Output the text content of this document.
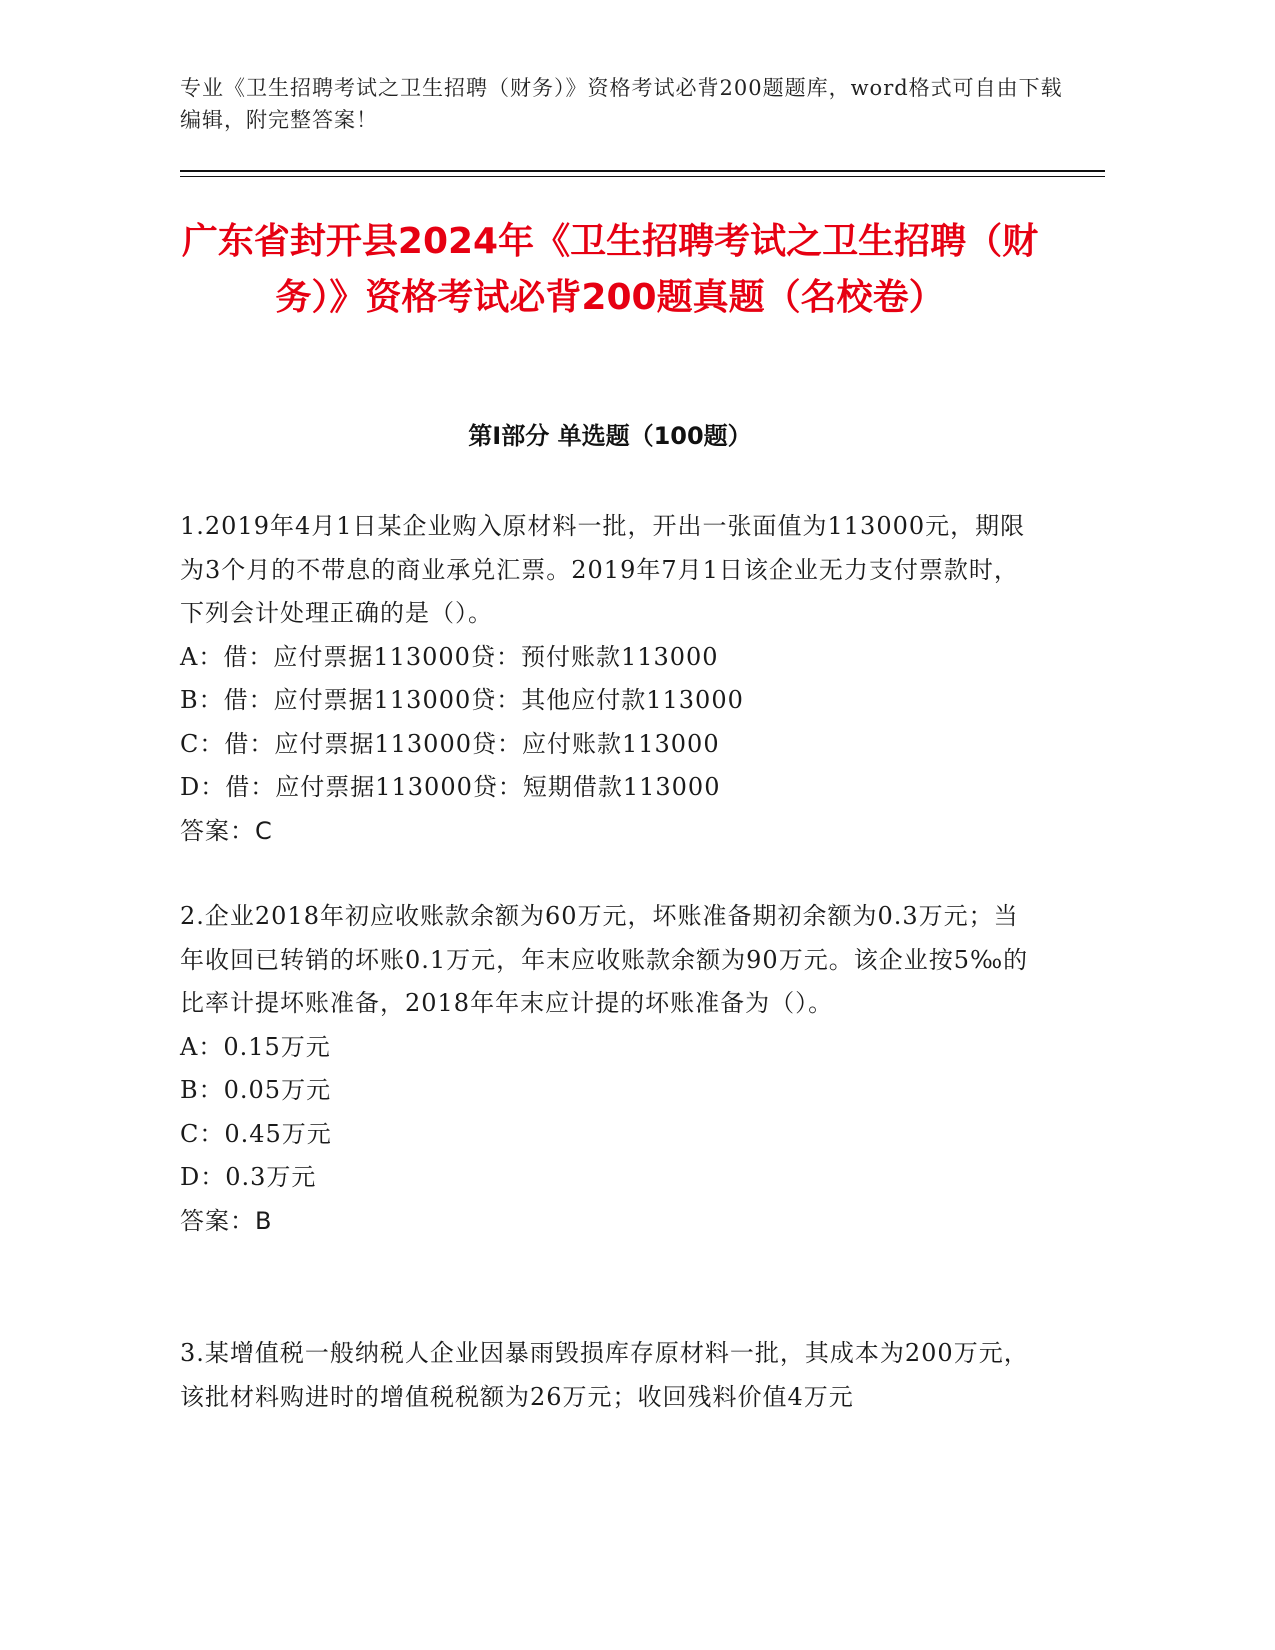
专业《卫生招聘考试之卫生招聘（财务）》资格考试必背200题题库，word格式可自由下载编辑，附完整答案！
广东省封开县2024年《卫生招聘考试之卫生招聘（财务）》资格考试必背200题真题（名校卷）
第Ⅰ部分 单选题（100题）

1.2019年4月1日某企业购入原材料一批，开出一张面值为113000元，期限为3个月的不带息的商业承兑汇票。2019年7月1日该企业无力支付票款时，下列会计处理正确的是（）。

A：借：应付票据113000贷：预付账款113000

B：借：应付票据113000贷：其他应付款113000

C：借：应付票据113000贷：应付账款113000

D：借：应付票据113000贷：短期借款113000

答案：C

2.企业2018年初应收账款余额为60万元，坏账准备期初余额为0.3万元；当年收回已转销的坏账0.1万元，年末应收账款余额为90万元。该企业按5‰的比率计提坏账准备，2018年年末应计提的坏账准备为（）。

A：0.15万元

B：0.05万元

C：0.45万元

D：0.3万元

答案：B

3.某增值税一般纳税人企业因暴雨毁损库存原材料一批，其成本为200万元，该批材料购进时的增值税税额为26万元；收回残料价值4万元
